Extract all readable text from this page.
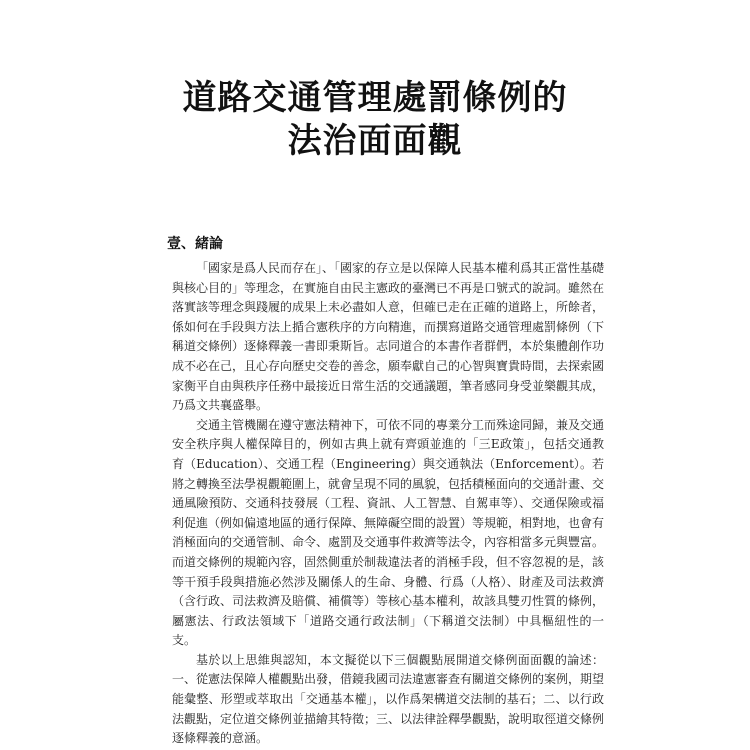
道路交通管理處罰條例的
法治面面觀
壹、緒論

「國家是爲人民而存在」、「國家的存立是以保障人民基本權利爲其正當性基礎與核心目的」等理念，在實施自由民主憲政的臺灣已不再是口號式的說詞。雖然在落實該等理念與踐履的成果上未必盡如人意，但確已走在正確的道路上，所餘者，係如何在手段與方法上揗合憲秩序的方向精進，而撰寫道路交通管理處罰條例（下稱道交條例）逐條釋義一書即秉斯旨。志同道合的本書作者群們，本於集體創作功成不必在己，且心存向歷史交卷的善念，願奉獻自己的心智與寶貴時間，去探索國家衡平自由與秩序任務中最接近日常生活的交通議題，筆者感同身受並樂觀其成，乃爲文共襄盛舉。

交通主管機關在遵守憲法精神下，可依不同的專業分工而殊途同歸，兼及交通安全秩序與人權保障目的，例如古典上就有齊頭並進的「三E政策」，包括交通教育（Education）、交通工程（Engineering）與交通執法（Enforcement）。若將之轉換至法學視觀範圍上，就會呈現不同的風貌，包括積極面向的交通計畫、交通風險預防、交通科技發展（工程、資訊、人工智慧、自駕車等）、交通保險或福利促進（例如偏遠地區的通行保障、無障礙空間的設置）等規範，相對地，也會有消極面向的交通管制、命令、處罰及交通事件救濟等法令，內容相當多元與豐富。而道交條例的規範內容，固然側重於制裁違法者的消極手段，但不容忽視的是，該等干預手段與措施必然涉及關係人的生命、身體、行爲（人格）、財產及司法救濟（含行政、司法救濟及賠償、補償等）等核心基本權利，故該具雙刃性質的條例，屬憲法、行政法領域下「道路交通行政法制」（下稱道交法制）中具樞紐性的一支。

基於以上思維與認知，本文擬從以下三個觀點展開道交條例面面觀的論述：一、從憲法保障人權觀點出發，借鏡我國司法違憲審查有關道交條例的案例，期望能彙整、形塑或萃取出「交通基本權」，以作爲架構道交法制的基石；二、以行政法觀點，定位道交條例並描繪其特徵；三、以法律詮釋學觀點，說明取徑道交條例逐條釋義的意涵。
